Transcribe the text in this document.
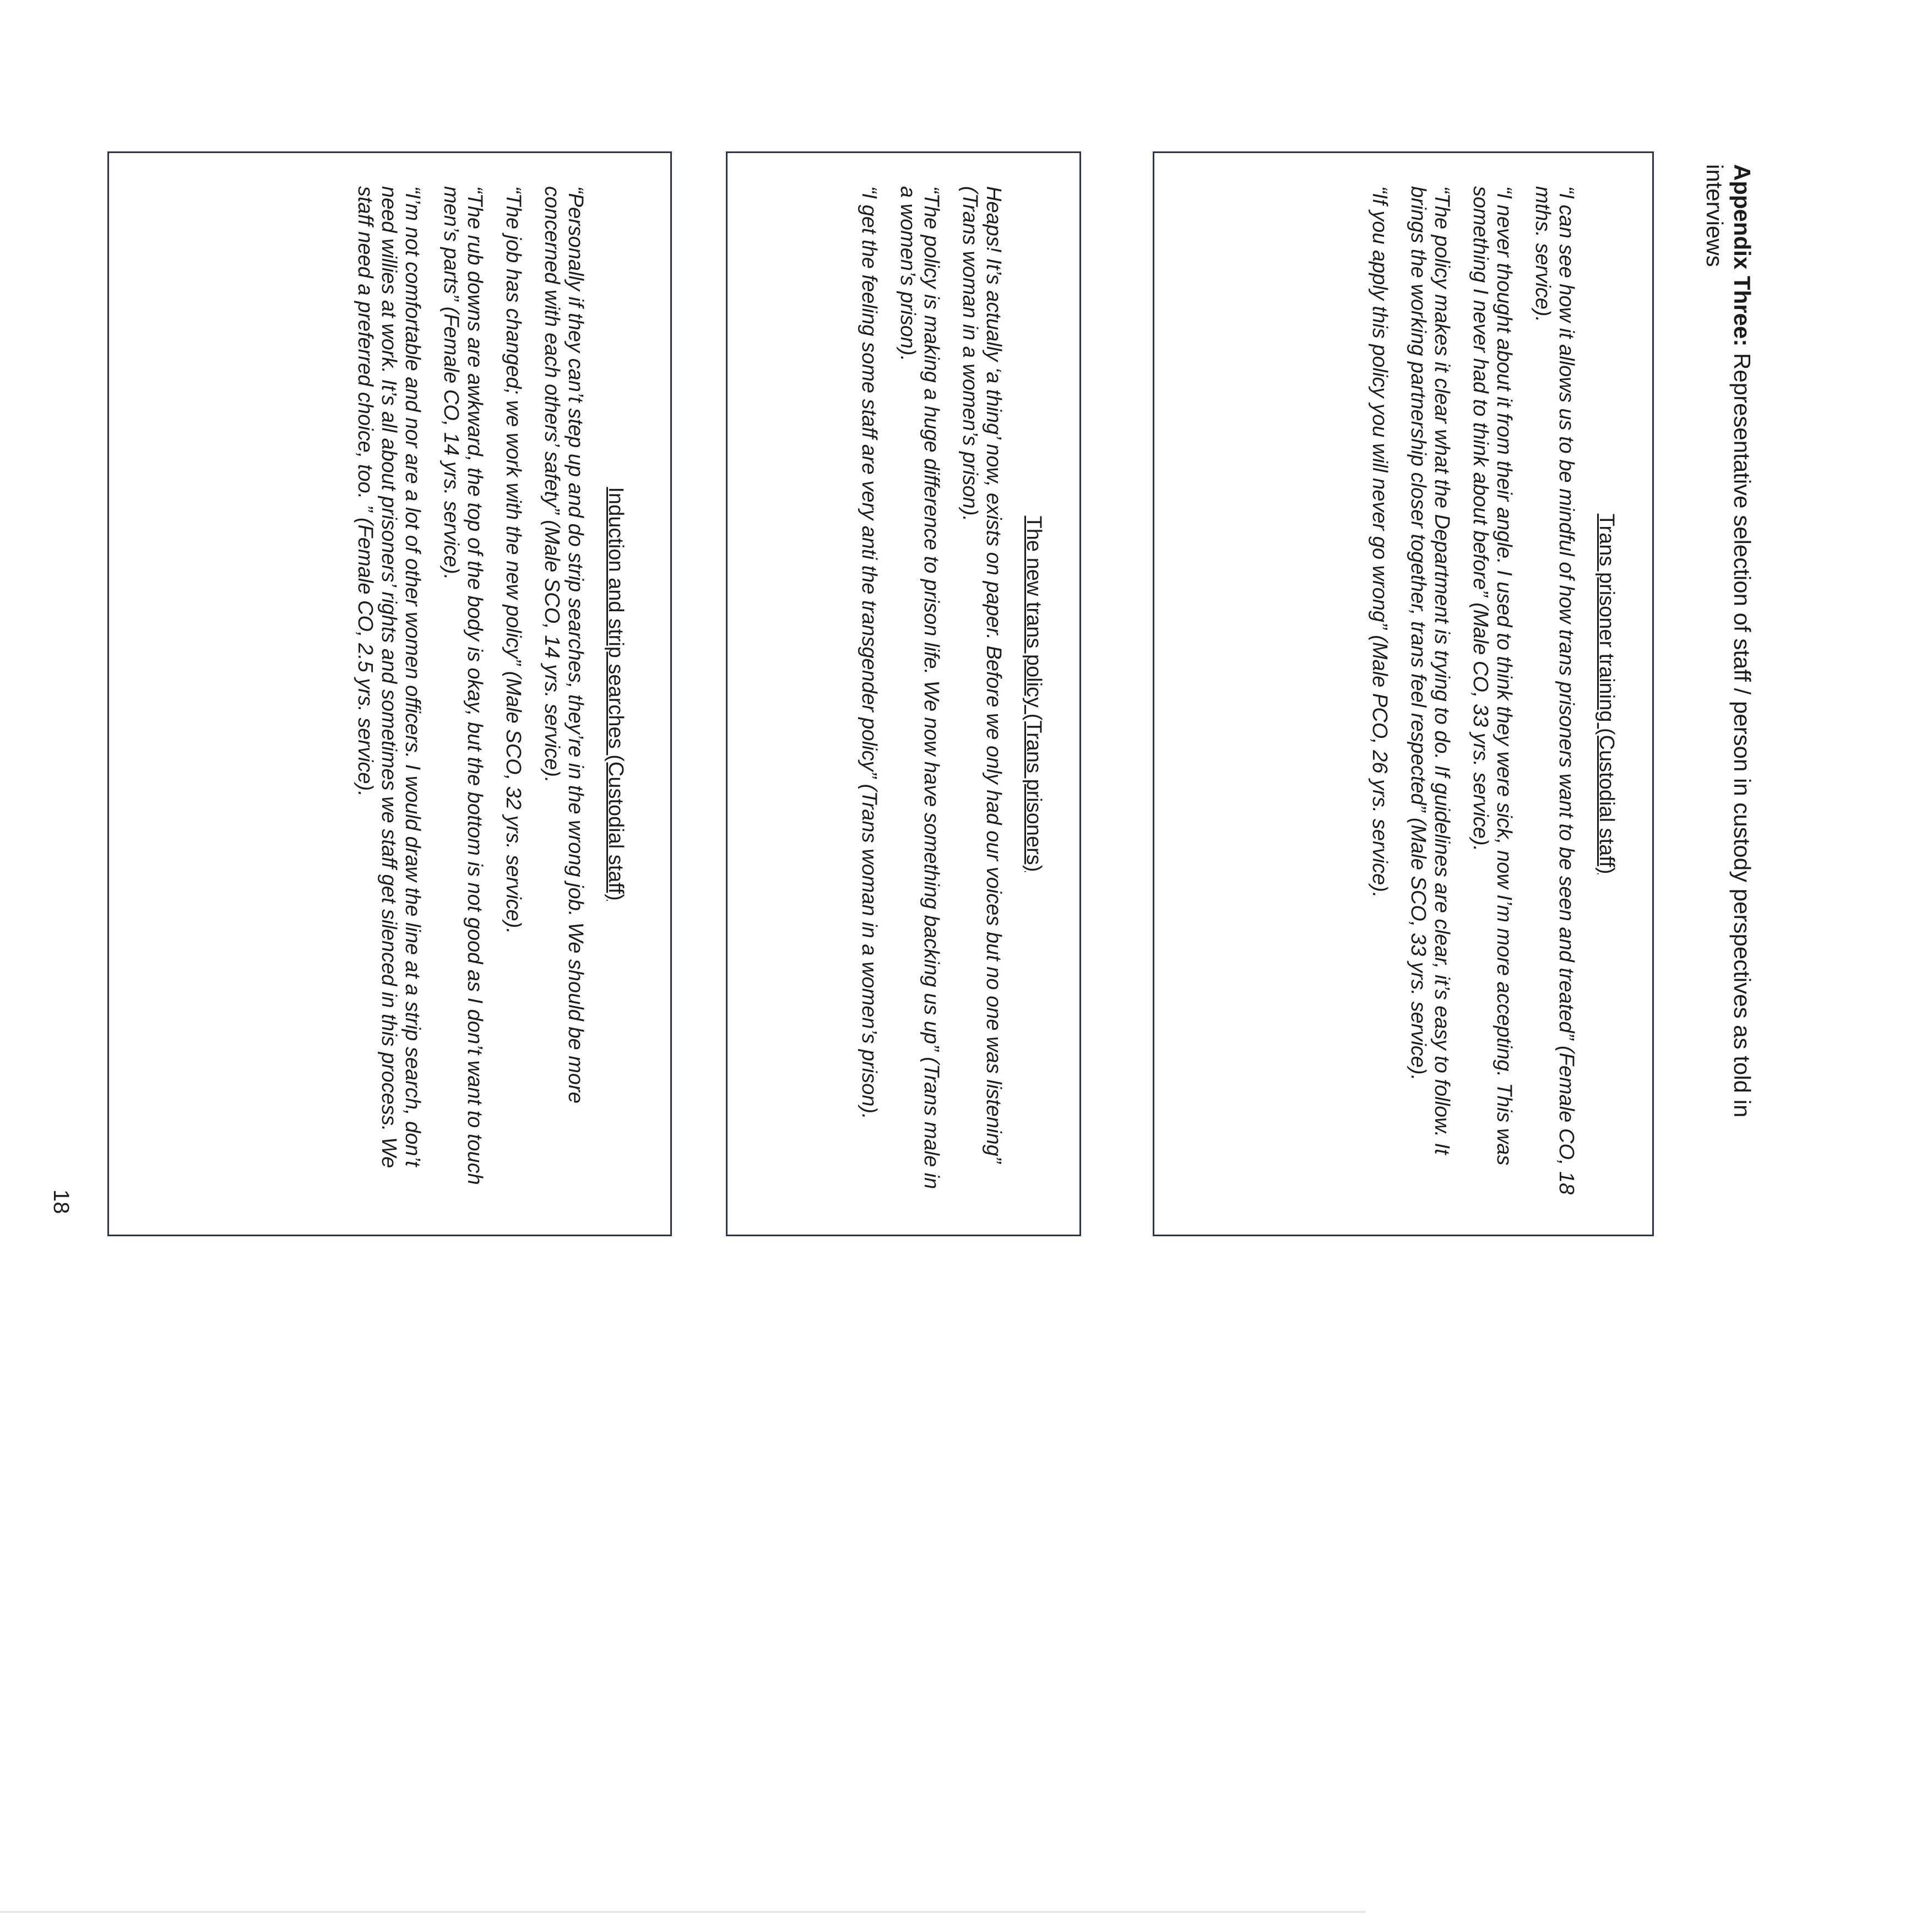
Appendix Three: Representative selection of staff / person in custody perspectives as told in interviews
Trans prisoner training (Custodial staff)

“I can see how it allows us to be mindful of how trans prisoners want to be seen and treated” (Female CO, 18 mths. service).

“I never thought about it from their angle. I used to think they were sick, now I’m more accepting. This was something I never had to think about before” (Male CO, 33 yrs. service).

“The policy makes it clear what the Department is trying to do. If guidelines are clear, it’s easy to follow. It brings the working partnership closer together, trans feel respected” (Male SCO, 33 yrs. service).

“If you apply this policy you will never go wrong” (Male PCO, 26 yrs. service).

The new trans policy (Trans prisoners)

Heaps! It’s actually ‘a thing’ now, exists on paper. Before we only had our voices but no one was listening” (Trans woman in a women’s prison).

“The policy is making a huge difference to prison life. We now have something backing us up” (Trans male in a women’s prison).

“I get the feeling some staff are very anti the transgender policy” (Trans woman in a women’s prison).

Induction and strip searches (Custodial staff)

“Personally if they can’t step up and do strip searches, they’re in the wrong job. We should be more concerned with each others’ safety” (Male SCO, 14 yrs. service).

“The job has changed; we work with the new policy” (Male SCO, 32 yrs. service).

“The rub downs are awkward, the top of the body is okay, but the bottom is not good as I don’t want to touch men’s parts” (Female CO, 14 yrs. service).

“I’m not comfortable and nor are a lot of other women officers. I would draw the line at a strip search, don’t need willies at work. It’s all about prisoners’ rights and sometimes we staff get silenced in this process. We staff need a preferred choice, too. ” (Female CO, 2.5 yrs. service).

18
